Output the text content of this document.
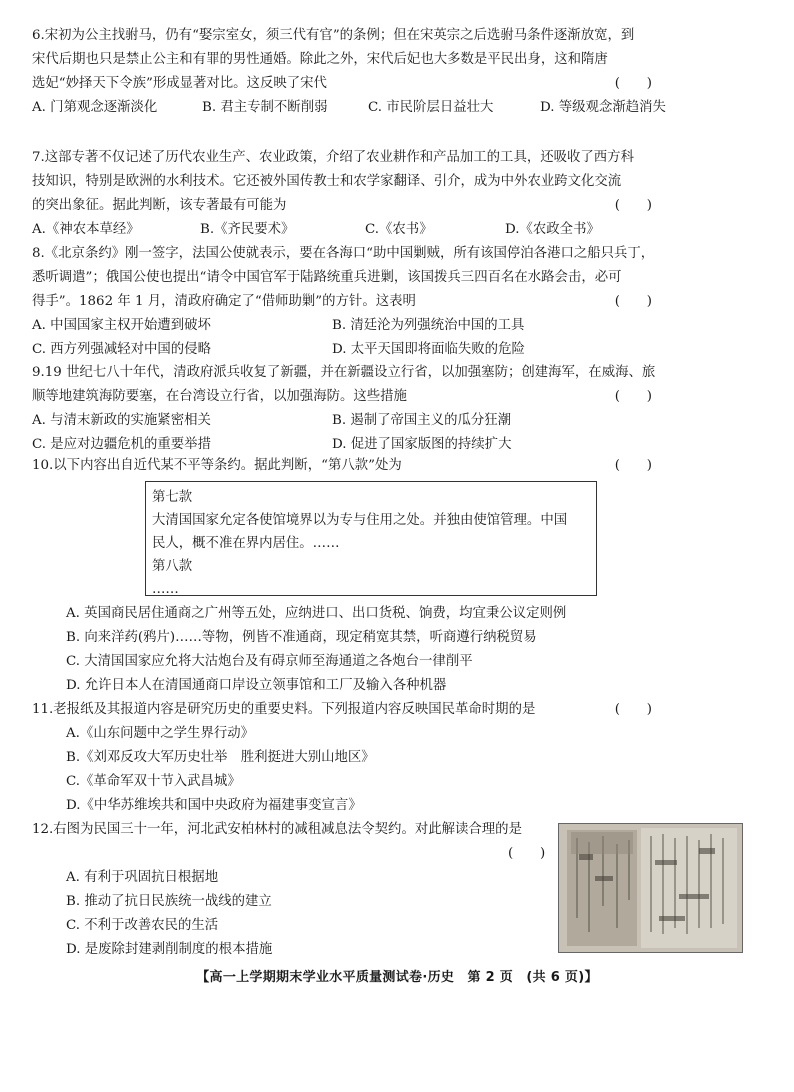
6.宋初为公主找驸马，仍有“娶宗室女，须三代有官”的条例；但在宋英宗之后选驸马条件逐渐放宽，到
宋代后期也只是禁止公主和有罪的男性通婚。除此之外，宋代后妃也大多数是平民出身，这和隋唐
选妃“妙择天下令族”形成显著对比。这反映了宋代	(　　)
A. 门第观念逐渐淡化	B. 君主专制不断削弱	C. 市民阶层日益壮大	D. 等级观念渐趋消失
7.这部专著不仅记述了历代农业生产、农业政策，介绍了农业耕作和产品加工的工具，还吸收了西方科
技知识，特别是欧洲的水利技术。它还被外国传教士和农学家翻译、引介，成为中外农业跨文化交流
的突出象征。据此判断，该专著最有可能为	(　　)
A.《神农本草经》	B.《齐民要术》	C.《农书》	D.《农政全书》
8.《北京条约》刚一签字，法国公使就表示，要在各海口“助中国剿贼，所有该国停泊各港口之船只兵丁，
悉听调遣”；俄国公使也提出“请令中国官军于陆路统重兵进剿，该国拨兵三四百名在水路会击，必可
得手”。1862 年 1 月，清政府确定了“借师助剿”的方针。这表明	(　　)
A. 中国国家主权开始遭到破坏	B. 清廷沦为列强统治中国的工具
C. 西方列强减轻对中国的侵略	D. 太平天国即将面临失败的危险
9.19 世纪七八十年代，清政府派兵收复了新疆，并在新疆设立行省，以加强塞防；创建海军，在威海、旅
顺等地建筑海防要塞，在台湾设立行省，以加强海防。这些措施	(　　)
A. 与清末新政的实施紧密相关	B. 遏制了帝国主义的瓜分狂潮
C. 是应对边疆危机的重要举措	D. 促进了国家版图的持续扩大
10.以下内容出自近代某不平等条约。据此判断，“第八款”处为	(　　)
第七款
大清国国家允定各使馆境界以为专与住用之处。并独由使馆管理。中国
民人，概不准在界内居住。……
第八款
……
A. 英国商民居住通商之广州等五处，应纳进口、出口货税、饷费，均宜秉公议定则例
B. 向来洋药(鸦片)……等物，例皆不准通商，现定稍宽其禁，听商遵行纳税贸易
C. 大清国国家应允将大沽炮台及有碍京师至海通道之各炮台一律削平
D. 允许日本人在清国通商口岸设立领事馆和工厂及输入各种机器
11.老报纸及其报道内容是研究历史的重要史料。下列报道内容反映国民革命时期的是	(　　)
A.《山东问题中之学生界行动》
B.《刘邓反攻大军历史壮举　胜利挺进大别山地区》
C.《革命军双十节入武昌城》
D.《中华苏维埃共和国中央政府为福建事变宣言》
12.右图为民国三十一年，河北武安柏林村的减租减息法令契约。对此解读合理的是
(　　)
A. 有利于巩固抗日根据地
B. 推动了抗日民族统一战线的建立
C. 不利于改善农民的生活
D. 是废除封建剥削制度的根本措施
【高一上学期期末学业水平质量测试卷·历史　第 2 页　(共 6 页)】
